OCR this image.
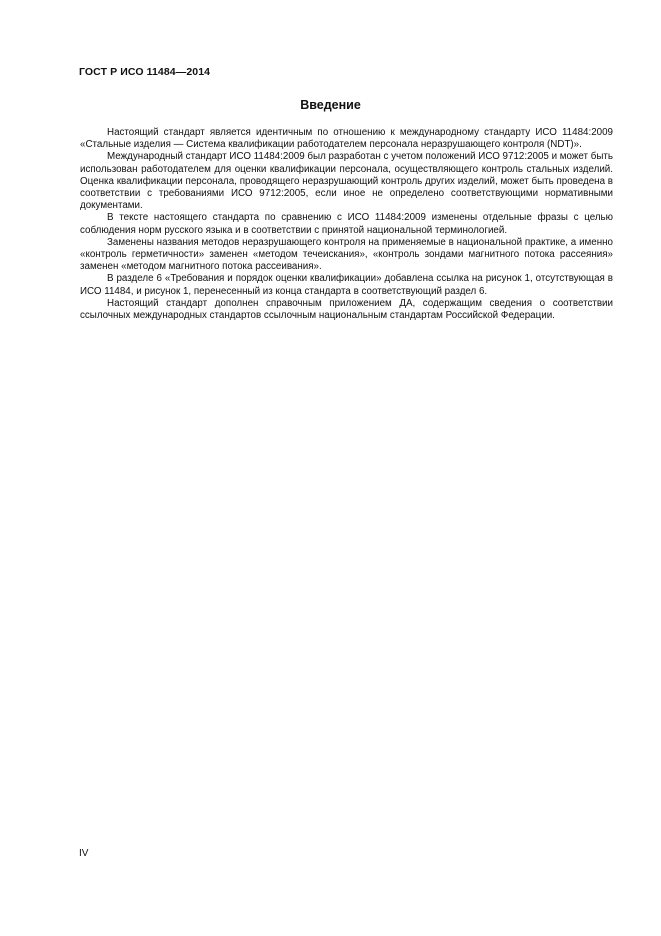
ГОСТ Р ИСО 11484—2014
Введение

Настоящий стандарт является идентичным по отношению к международному стандарту ИСО 11484:2009 «Стальные изделия — Система квалификации работодателем персонала неразрушающего контроля (NDT)».

Международный стандарт ИСО 11484:2009 был разработан с учетом положений ИСО 9712:2005 и может быть использован работодателем для оценки квалификации персонала, осуществляющего контроль стальных изделий. Оценка квалификации персонала, проводящего неразрушающий контроль других изделий, может быть проведена в соответствии с требованиями ИСО 9712:2005, если иное не определено соответствующими нормативными документами.

В тексте настоящего стандарта по сравнению с ИСО 11484:2009 изменены отдельные фразы с целью соблюдения норм русского языка и в соответствии с принятой национальной терминологией.

Заменены названия методов неразрушающего контроля на применяемые в национальной практике, а именно «контроль герметичности» заменен «методом течеискания», «контроль зондами магнитного потока рассеяния» заменен «методом магнитного потока рассеивания».

В разделе 6 «Требования и порядок оценки квалификации» добавлена ссылка на рисунок 1, отсутствующая в ИСО 11484, и рисунок 1, перенесенный из конца стандарта в соответствующий раздел 6.

Настоящий стандарт дополнен справочным приложением ДА, содержащим сведения о соответствии ссылочных международных стандартов ссылочным национальным стандартам Российской Федерации.

IV
